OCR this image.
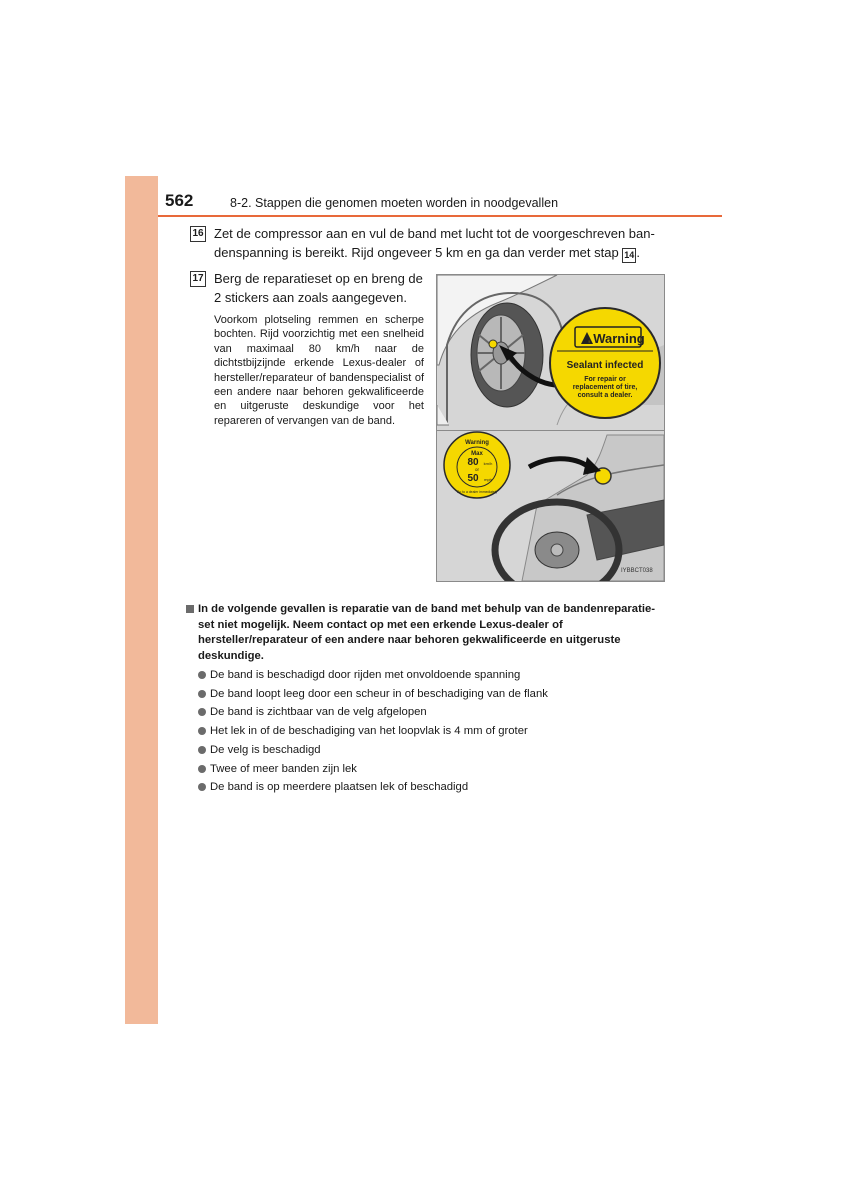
562	8-2. Stappen die genomen moeten worden in noodgevallen
16 Zet de compressor aan en vul de band met lucht tot de voorgeschreven ban-
denspanning is bereikt. Rijd ongeveer 5 km en ga dan verder met stap 14 .
17 Berg de reparatieset op en breng de
2 stickers aan zoals aangegeven.
Voorkom plotseling remmen en scherpe bochten. Rijd voorzichtig met een snelheid van maximaal 80 km/h naar de dichtstbijzijnde erkende Lexus-dealer of hersteller/reparateur of bandenspecialist of een andere naar behoren gekwalificeerde en uitgeruste deskundige voor het repareren of vervangen van de band.
! Warning
Sealant infected
For repair or
replacement of tire,
consult a dealer.
Warning
Max
80 km/h
or
50 mph
Go to a dealer immediately
IYBBCT038
In de volgende gevallen is reparatie van de band met behulp van de bandenreparatie-set niet mogelijk. Neem contact op met een erkende Lexus-dealer of hersteller/reparateur of een andere naar behoren gekwalificeerde en uitgeruste deskundige.
De band is beschadigd door rijden met onvoldoende spanning
De band loopt leeg door een scheur in of beschadiging van de flank
De band is zichtbaar van de velg afgelopen
Het lek in of de beschadiging van het loopvlak is 4 mm of groter
De velg is beschadigd
Twee of meer banden zijn lek
De band is op meerdere plaatsen lek of beschadigd
